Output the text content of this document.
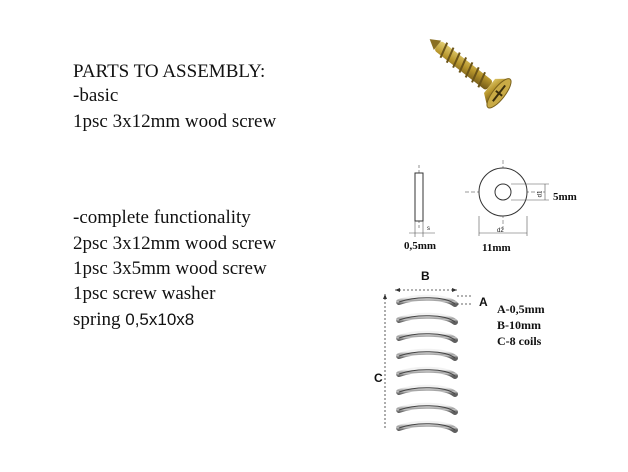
PARTS TO ASSEMBLY:
-basic
1psc 3x12mm wood screw
-complete functionality
2psc 3x12mm wood screw
1psc 3x5mm wood screw
1psc screw washer
spring 0,5x10x8
s
0,5mm
d2
d1 5mm
11mm
B
A
C
A-0,5mm
B-10mm
C-8 coils
